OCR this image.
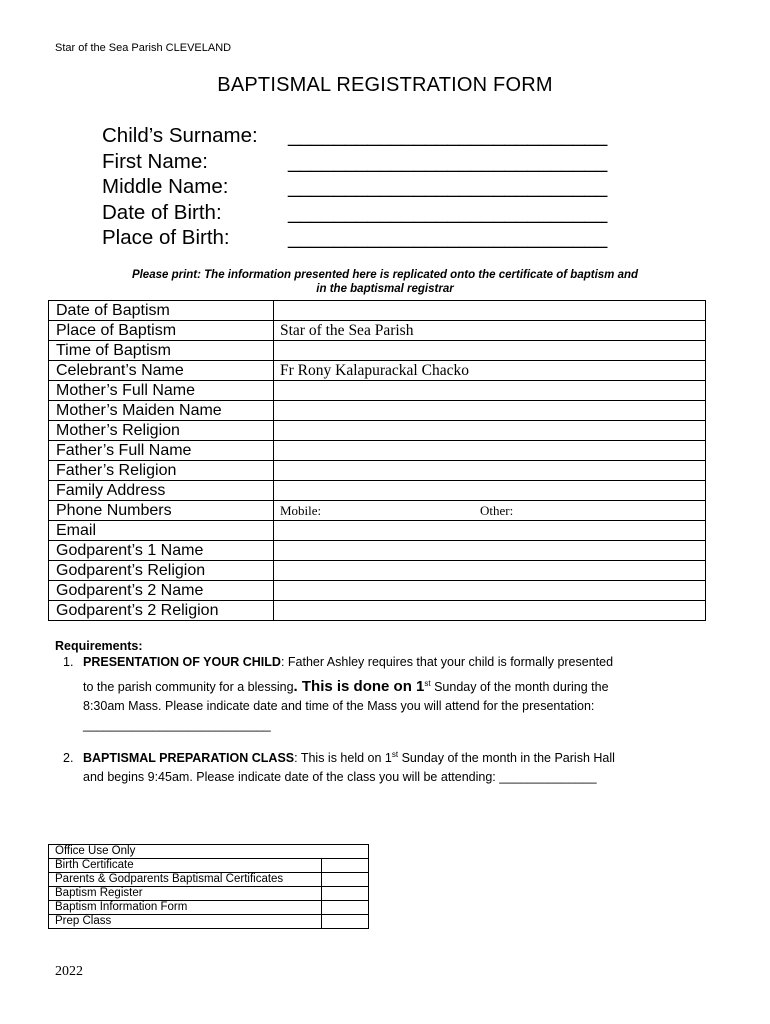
Star of the Sea Parish CLEVELAND
BAPTISMAL REGISTRATION FORM
Child’s Surname: ____________________________
First Name:	____________________________
Middle Name:	____________________________
Date of Birth:	____________________________
Place of Birth:	____________________________
Please print: The information presented here is replicated onto the certificate of baptism and
in the baptismal registrar
Date of Baptism	
Place of Baptism	Star of the Sea Parish
Time of Baptism	
Celebrant’s Name	Fr Rony Kalapurackal Chacko
Mother’s Full Name	
Mother’s Maiden Name	
Mother’s Religion	
Father’s Full Name	
Father’s Religion	
Family Address	
Phone Numbers	Mobile: Other:
Email	
Godparent’s 1 Name	
Godparent’s Religion	
Godparent’s 2 Name	
Godparent’s 2 Religion	
Requirements:
1. PRESENTATION OF YOUR CHILD: Father Ashley requires that your child is formally presented
to the parish community for a blessing. This is done on 1st Sunday of the month during the
8:30am Mass. Please indicate date and time of the Mass you will attend for the presentation:
___________________________
2. BAPTISMAL PREPARATION CLASS: This is held on 1st Sunday of the month in the Parish Hall
and begins 9:45am. Please indicate date of the class you will be attending: ______________
Office Use Only	
Birth Certificate	
Parents & Godparents Baptismal Certificates	
Baptism Register	
Baptism Information Form	
Prep Class	
2022
